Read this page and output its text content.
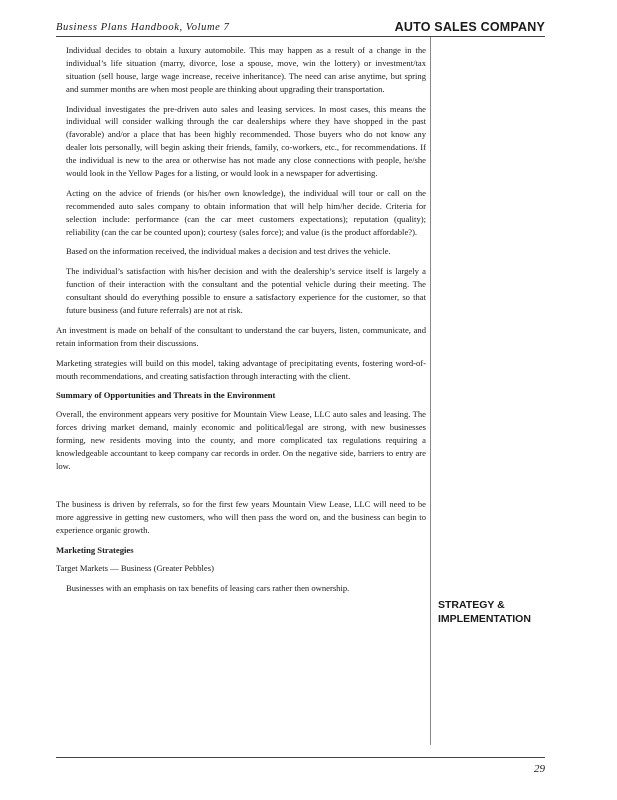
Business Plans Handbook, Volume 7	AUTO SALES COMPANY

Individual decides to obtain a luxury automobile. This may happen as a result of a change in the individual’s life situation (marry, divorce, lose a spouse, move, win the lottery) or investment/tax situation (sell house, large wage increase, receive inheritance). The need can arise anytime, but spring and summer months are when most people are thinking about upgrading their transportation.

Individual investigates the pre-driven auto sales and leasing services. In most cases, this means the individual will consider walking through the car dealerships where they have shopped in the past (favorable) and/or a place that has been highly recommended. Those buyers who do not know any dealer lots personally, will begin asking their friends, family, co-workers, etc., for recommendations. If the individual is new to the area or otherwise has not made any close connections with people, he/she would look in the Yellow Pages for a listing, or would look in a newspaper for advertising.

Acting on the advice of friends (or his/her own knowledge), the individual will tour or call on the recommended auto sales company to obtain information that will help him/her decide. Criteria for selection include: performance (can the car meet customers expectations); reputation (quality); reliability (can the car be counted upon); courtesy (sales force); and value (is the product affordable?).

Based on the information received, the individual makes a decision and test drives the vehicle.

The individual’s satisfaction with his/her decision and with the dealership’s service itself is largely a function of their interaction with the consultant and the potential vehicle during their meeting. The consultant should do everything possible to ensure a satisfactory experience for the customer, so that future business (and future referrals) are not at risk.

An investment is made on behalf of the consultant to understand the car buyers, listen, communicate, and retain information from their discussions.

Marketing strategies will build on this model, taking advantage of precipitating events, fostering word-of-mouth recommendations, and creating satisfaction through interacting with the client.

Summary of Opportunities and Threats in the Environment

Overall, the environment appears very positive for Mountain View Lease, LLC auto sales and leasing. The forces driving market demand, mainly economic and political/legal are strong, with new businesses forming, new residents moving into the county, and more complicated tax regulations requiring a knowledgeable accountant to keep company car records in order. On the negative side, barriers to entry are low.

The business is driven by referrals, so for the first few years Mountain View Lease, LLC will need to be more aggressive in getting new customers, who will then pass the word on, and the business can begin to experience organic growth.

Marketing Strategies

Target Markets — Business (Greater Pebbles)

Businesses with an emphasis on tax benefits of leasing cars rather then ownership.

STRATEGY &
IMPLEMENTATION
29
